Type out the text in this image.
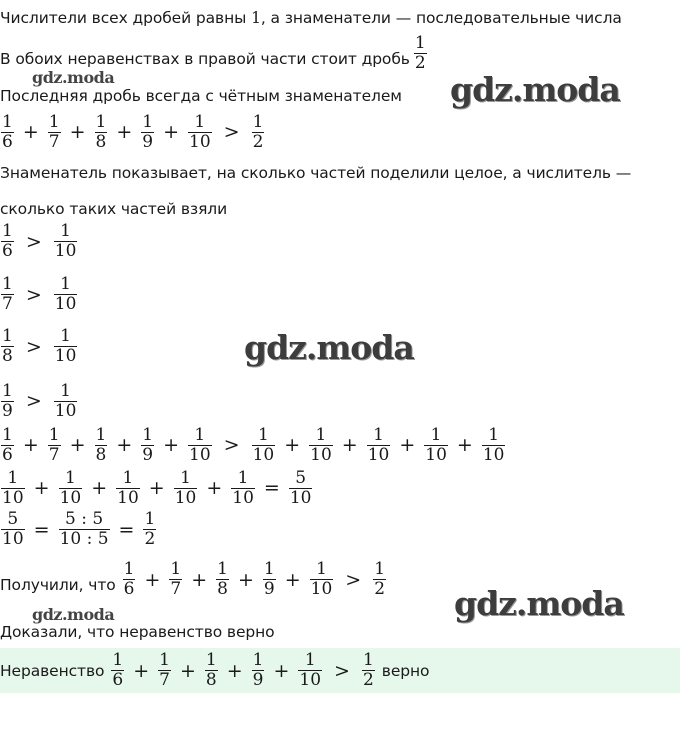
Числители всех дробей равны 1, а знаменатели — последовательные числа
В обоих неравенствах в правой части стоит дробь $\frac{1}{2}$
gdz.moda
Последняя дробь всегда с чётным знаменателем gdz.moda
$\frac{1}{6} + \frac{1}{7} + \frac{1}{8} + \frac{1}{9} + \frac{1}{10} > \frac{1}{2}$
Знаменатель показывает, на сколько частей поделили целое, а числитель —
сколько таких частей взяли
$\frac{1}{6} > \frac{1}{10}$
$\frac{1}{7} > \frac{1}{10}$
$\frac{1}{8} > \frac{1}{10}$	gdz.moda
$\frac{1}{9} > \frac{1}{10}$
$\frac{1}{6} + \frac{1}{7} + \frac{1}{8} + \frac{1}{9} + \frac{1}{10} > \frac{1}{10} + \frac{1}{10} + \frac{1}{10} + \frac{1}{10} + \frac{1}{10}$
$\frac{1}{10} + \frac{1}{10} + \frac{1}{10} + \frac{1}{10} + \frac{1}{10} = \frac{5}{10}$
$\frac{5}{10} = \frac{5 : 5}{10 : 5} = \frac{1}{2}$
Получили, что $\frac{1}{6} + \frac{1}{7} + \frac{1}{8} + \frac{1}{9} + \frac{1}{10} > \frac{1}{2}$
gdz.moda
gdz.moda
Доказали, что неравенство верно
Неравенство $\frac{1}{6} + \frac{1}{7} + \frac{1}{8} + \frac{1}{9} + \frac{1}{10} > \frac{1}{2}$ верно
